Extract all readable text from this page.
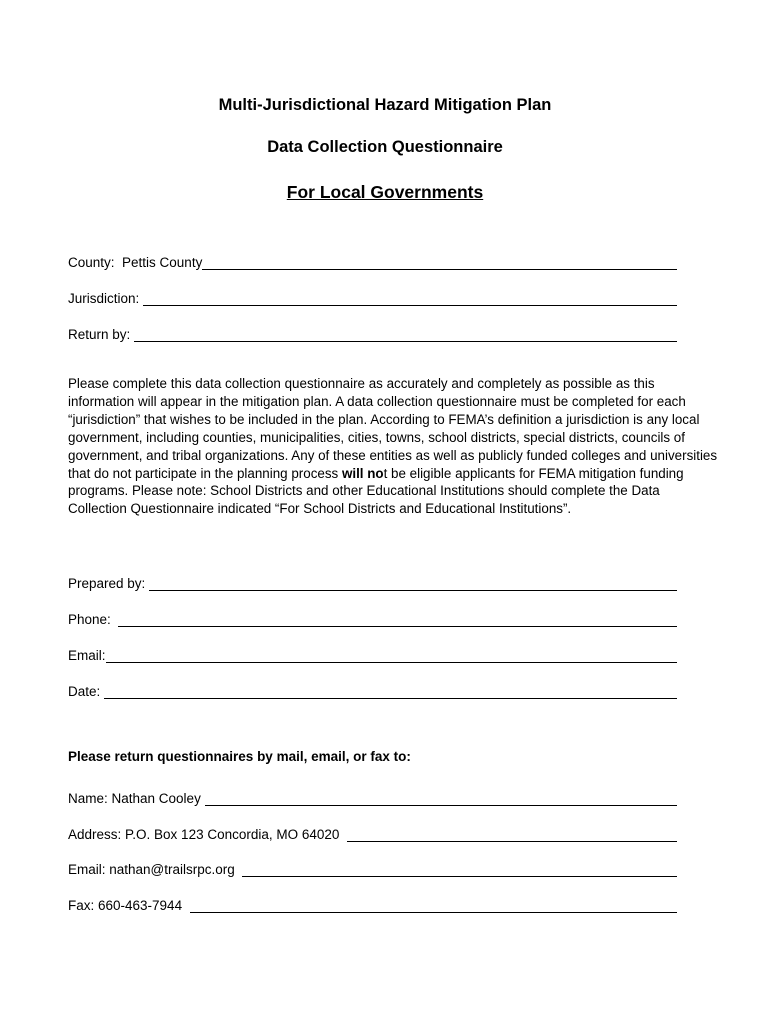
Multi-Jurisdictional Hazard Mitigation Plan
Data Collection Questionnaire
For Local Governments
County:  Pettis County
Jurisdiction:
Return by:
Please complete this data collection questionnaire as accurately and completely as possible as this information will appear in the mitigation plan. A data collection questionnaire must be completed for each “jurisdiction” that wishes to be included in the plan. According to FEMA’s definition a jurisdiction is any local government, including counties, municipalities, cities, towns, school districts, special districts, councils of government, and tribal organizations. Any of these entities as well as publicly funded colleges and universities that do not participate in the planning process will not be eligible applicants for FEMA mitigation funding programs. Please note: School Districts and other Educational Institutions should complete the Data Collection Questionnaire indicated “For School Districts and Educational Institutions”.
Prepared by:
Phone:
Email:
Date:
Please return questionnaires by mail, email, or fax to:
Name: Nathan Cooley
Address: P.O. Box 123 Concordia, MO 64020
Email: nathan@trailsrpc.org
Fax: 660-463-7944
